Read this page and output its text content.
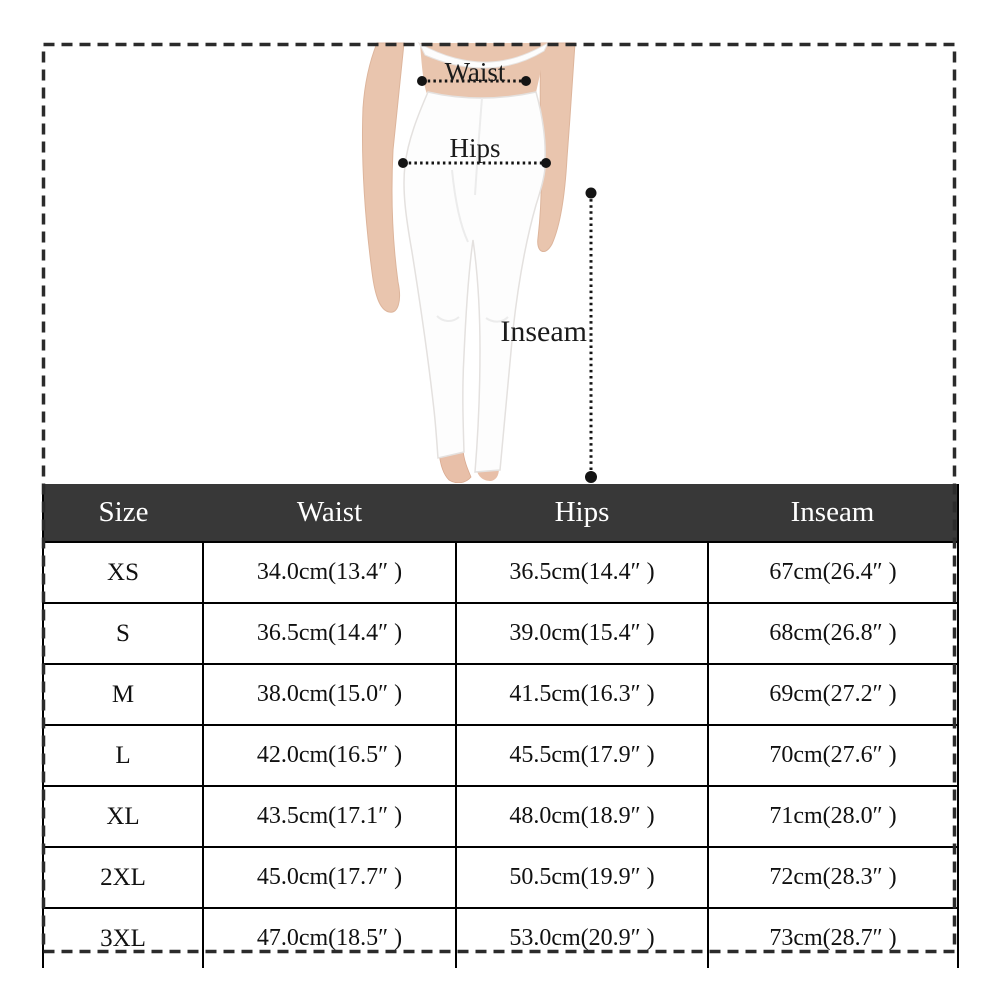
Waist
Hips
Inseam
Size	Waist	Hips	Inseam
XS	34.0cm(13.4″ )	36.5cm(14.4″ )	67cm(26.4″ )
S	36.5cm(14.4″ )	39.0cm(15.4″ )	68cm(26.8″ )
M	38.0cm(15.0″ )	41.5cm(16.3″ )	69cm(27.2″ )
L	42.0cm(16.5″ )	45.5cm(17.9″ )	70cm(27.6″ )
XL	43.5cm(17.1″ )	48.0cm(18.9″ )	71cm(28.0″ )
2XL	45.0cm(17.7″ )	50.5cm(19.9″ )	72cm(28.3″ )
3XL	47.0cm(18.5″ )	53.0cm(20.9″ )	73cm(28.7″ )
